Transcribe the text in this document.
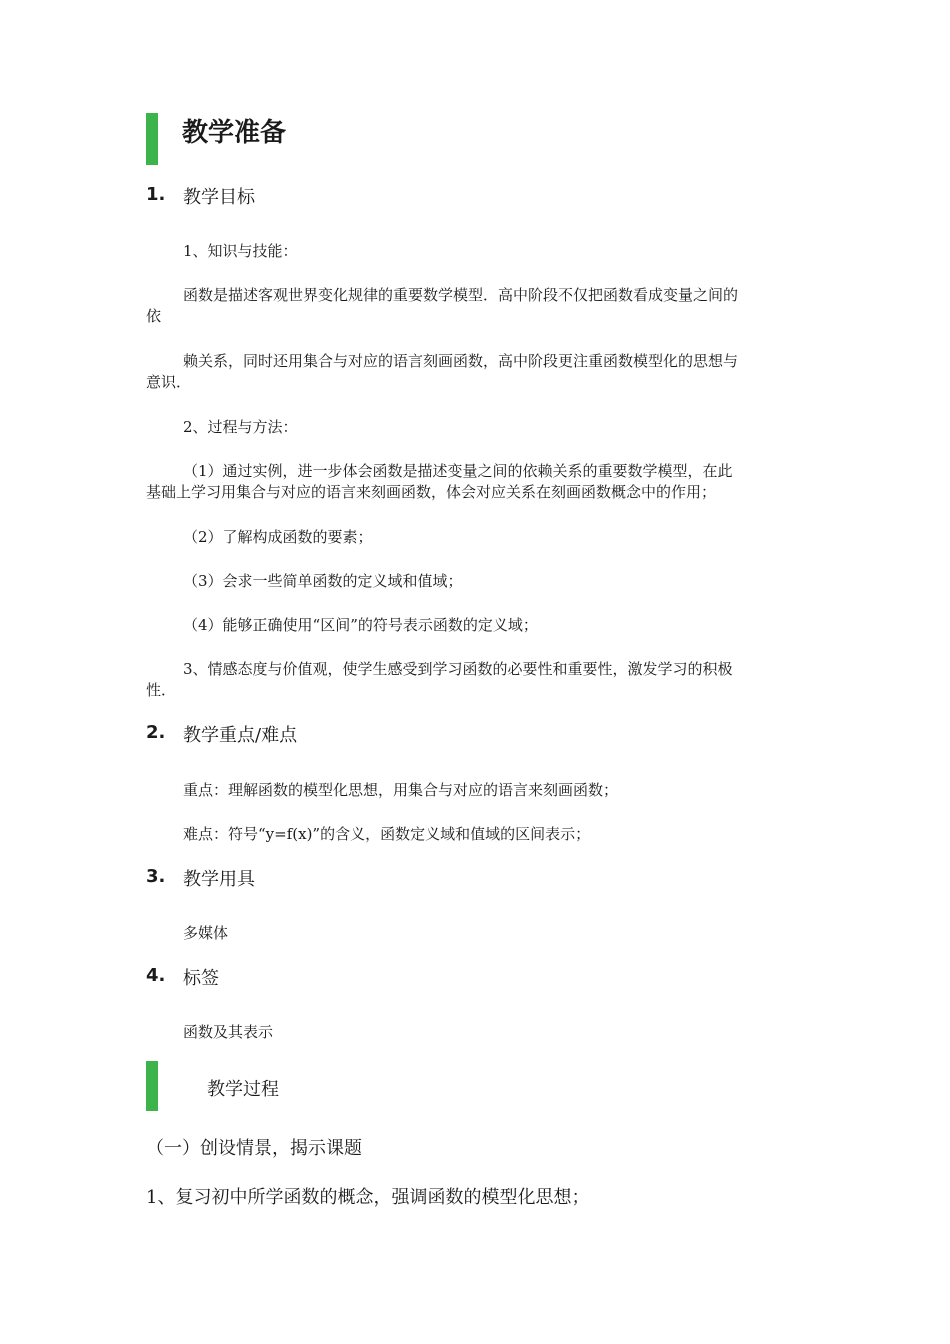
教学准备
1. 教学目标
1、知识与技能：
函数是描述客观世界变化规律的重要数学模型．高中阶段不仅把函数看成变量之间的
依
赖关系，同时还用集合与对应的语言刻画函数，高中阶段更注重函数模型化的思想与
意识．
2、过程与方法：
（1）通过实例，进一步体会函数是描述变量之间的依赖关系的重要数学模型，在此
基础上学习用集合与对应的语言来刻画函数，体会对应关系在刻画函数概念中的作用；
（2）了解构成函数的要素；
（3）会求一些简单函数的定义域和值域；
（4）能够正确使用“区间”的符号表示函数的定义域；
3、情感态度与价值观，使学生感受到学习函数的必要性和重要性，激发学习的积极
性．
2. 教学重点/难点
重点：理解函数的模型化思想，用集合与对应的语言来刻画函数；
难点：符号“y=f(x)”的含义，函数定义域和值域的区间表示；
3. 教学用具
多媒体
4. 标签
函数及其表示
教学过程
（一）创设情景，揭示课题
1、复习初中所学函数的概念，强调函数的模型化思想；
